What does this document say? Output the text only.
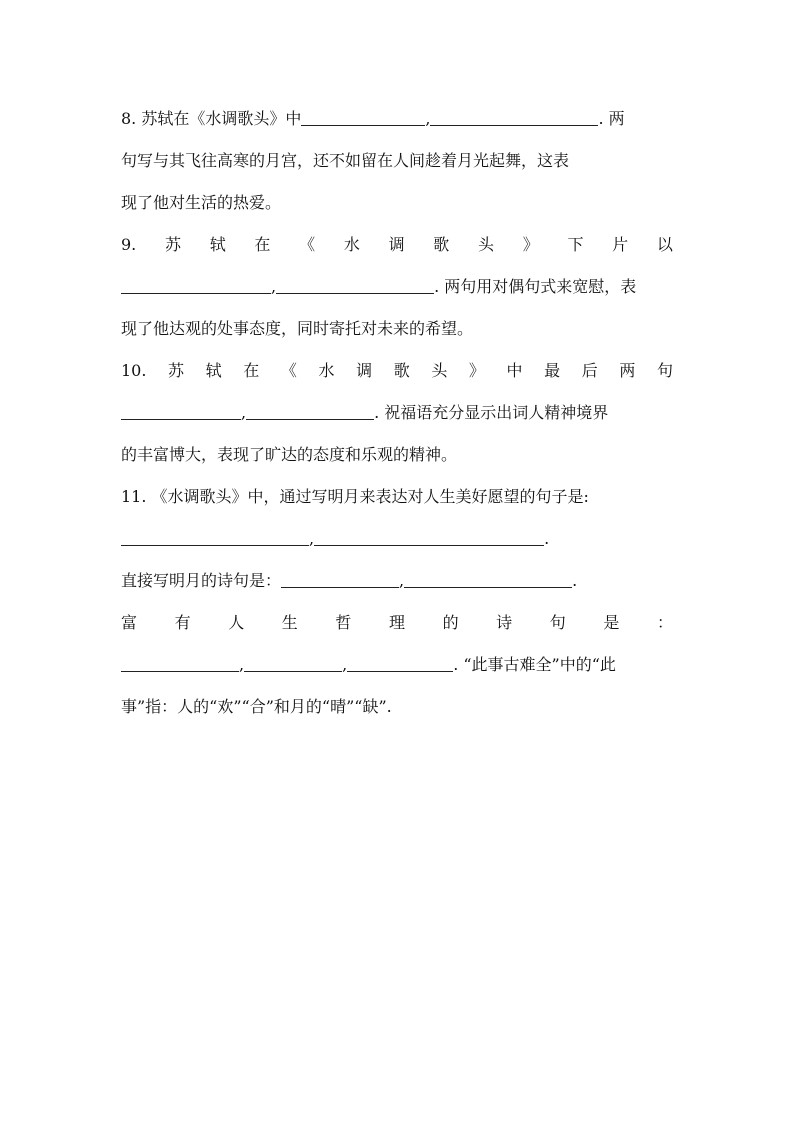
8. 苏轼在《水调歌头》中	,	. 两
句写与其飞往高寒的月宫，还不如留在人间趁着月光起舞，这表
现了他对生活的热爱。
9. 苏 轼 在 《 水 调 歌 头 》 下 片 以
,	. 两句用对偶句式来宽慰，表
现了他达观的处事态度，同时寄托对未来的希望。
10. 苏 轼 在 《 水 调 歌 头 》 中 最 后 两 句
,	. 祝福语充分显示出词人精神境界
的丰富博大，表现了旷达的态度和乐观的精神。
11. 《水调歌头》中，通过写明月来表达对人生美好愿望的句子是:
,	.
直接写明月的诗句是：	,	.
富 有 人 生 哲 理 的 诗 句 是 ：
,	,	. “此事古难全”中的“此
事”指：人的“欢”“合”和月的“晴”“缺”.
